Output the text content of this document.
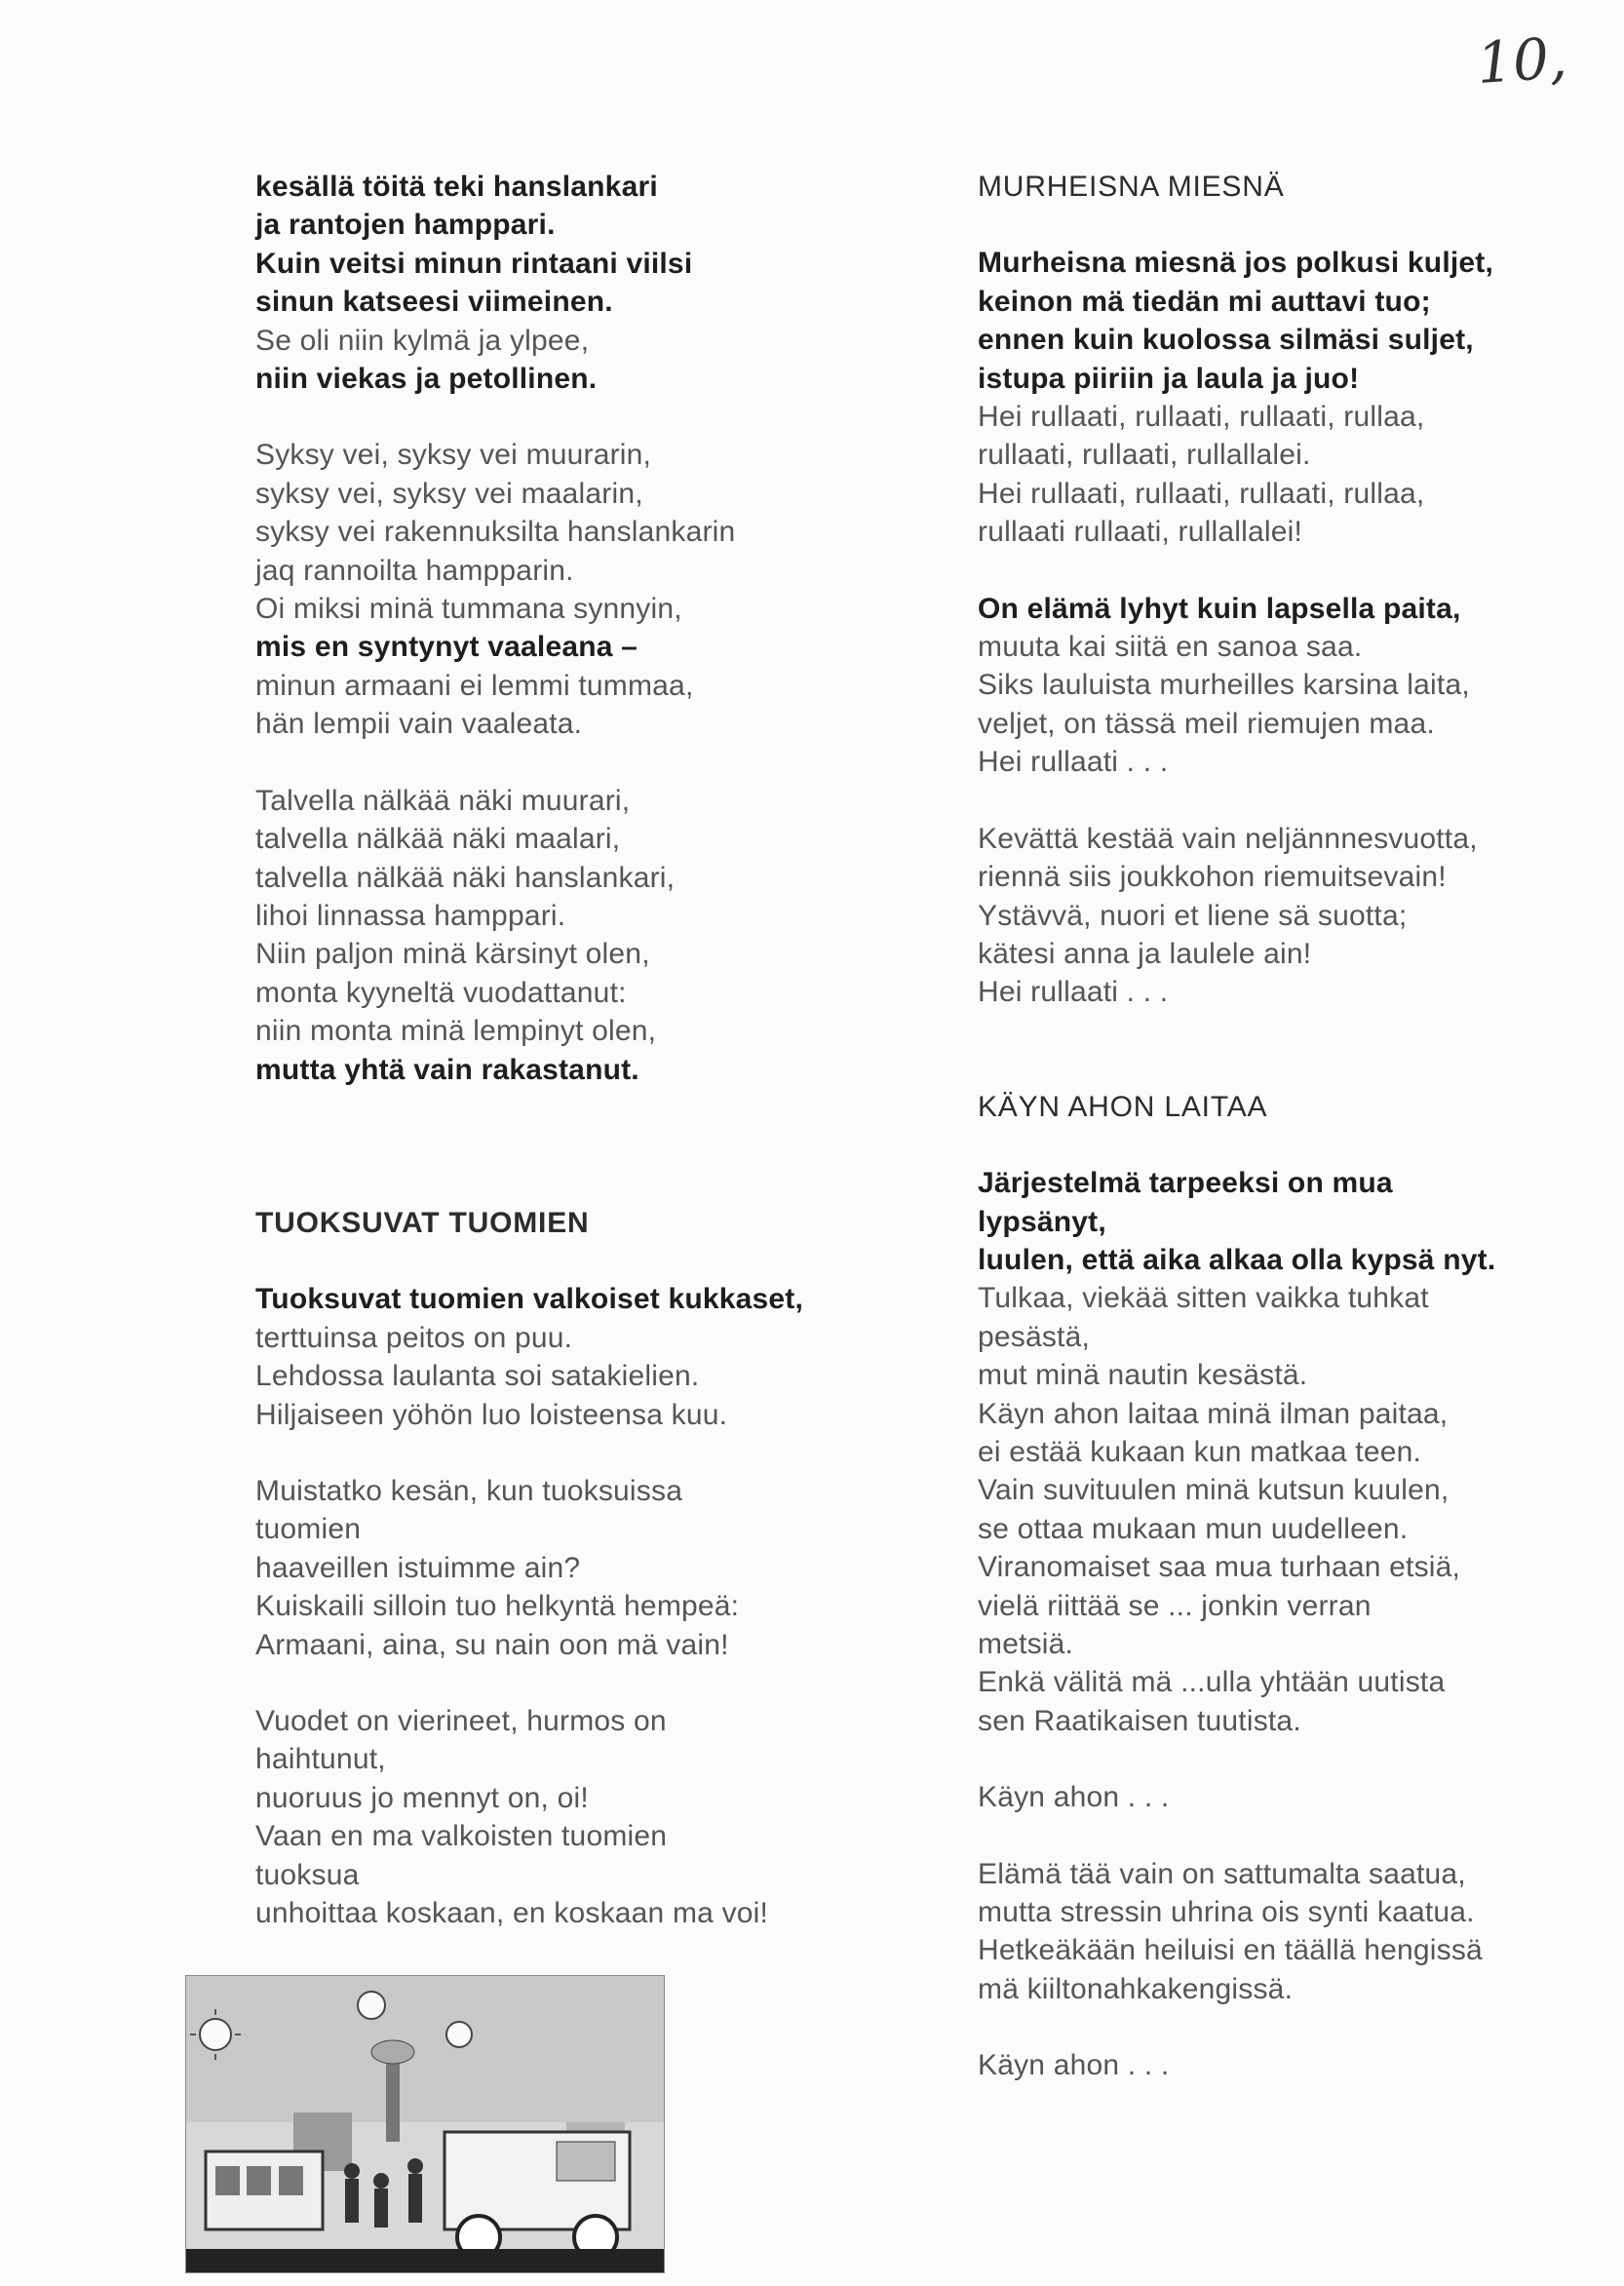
10,
kesällä töitä teki hanslankari
ja rantojen hamppari.
Kuin veitsi minun rintaani viilsi
sinun katseesi viimeinen.
Se oli niin kylmä ja ylpee,
niin viekas ja petollinen.
Syksy vei, syksy vei muurarin,
syksy vei, syksy vei maalarin,
syksy vei rakennuksilta hanslankarin
jaq rannoilta hampparin.
Oi miksi minä tummana synnyin,
mis en syntynyt vaaleana –
minun armaani ei lemmi tummaa,
hän lempii vain vaaleata.
Talvella nälkää näki muurari,
talvella nälkää näki maalari,
talvella nälkää näki hanslankari,
lihoi linnassa hamppari.
Niin paljon minä kärsinyt olen,
monta kyyneltä vuodattanut:
niin monta minä lempinyt olen,
mutta yhtä vain rakastanut.
TUOKSUVAT TUOMIEN
Tuoksuvat tuomien valkoiset kukkaset,
terttuinsa peitos on puu.
Lehdossa laulanta soi satakielien.
Hiljaiseen yöhön luo loisteensa kuu.
Muistatko kesän, kun tuoksuissa
tuomien
haaveillen istuimme ain?
Kuiskaili silloin tuo helkyntä hempeä:
Armaani, aina, su nain oon mä vain!
Vuodet on vierineet, hurmos on
haihtunut,
nuoruus jo mennyt on, oi!
Vaan en ma valkoisten tuomien
tuoksua
unhoittaa koskaan, en koskaan ma voi!
MURHEISNA MIESNÄ
Murheisna miesnä jos polkusi kuljet,
keinon mä tiedän mi auttavi tuo;
ennen kuin kuolossa silmäsi suljet,
istupa piiriin ja laula ja juo!
Hei rullaati, rullaati, rullaati, rullaa,
rullaati, rullaati, rullallalei.
Hei rullaati, rullaati, rullaati, rullaa,
rullaati rullaati, rullallalei!
On elämä lyhyt kuin lapsella paita,
muuta kai siitä en sanoa saa.
Siks lauluista murheilles karsina laita,
veljet, on tässä meil riemujen maa.
Hei rullaati . . .
Kevättä kestää vain neljännnesvuotta,
riennä siis joukkohon riemuitsevain!
Ystävvä, nuori et liene sä suotta;
kätesi anna ja laulele ain!
Hei rullaati . . .
KÄYN AHON LAITAA
Järjestelmä tarpeeksi on mua
lypsänyt,
luulen, että aika alkaa olla kypsä nyt.
Tulkaa, viekää sitten vaikka tuhkat
pesästä,
mut minä nautin kesästä.
Käyn ahon laitaa minä ilman paitaa,
ei estää kukaan kun matkaa teen.
Vain suvituulen minä kutsun kuulen,
se ottaa mukaan mun uudelleen.
Viranomaiset saa mua turhaan etsiä,
vielä riittää se ... jonkin verran
metsiä.
Enkä välitä mä ...ulla yhtään uutista
sen Raatikaisen tuutista.
Käyn ahon . . .
Elämä tää vain on sattumalta saatua,
mutta stressin uhrina ois synti kaatua.
Hetkeäkään heiluisi en täällä hengissä
mä kiiltonahkakengissä.
Käyn ahon . . .
